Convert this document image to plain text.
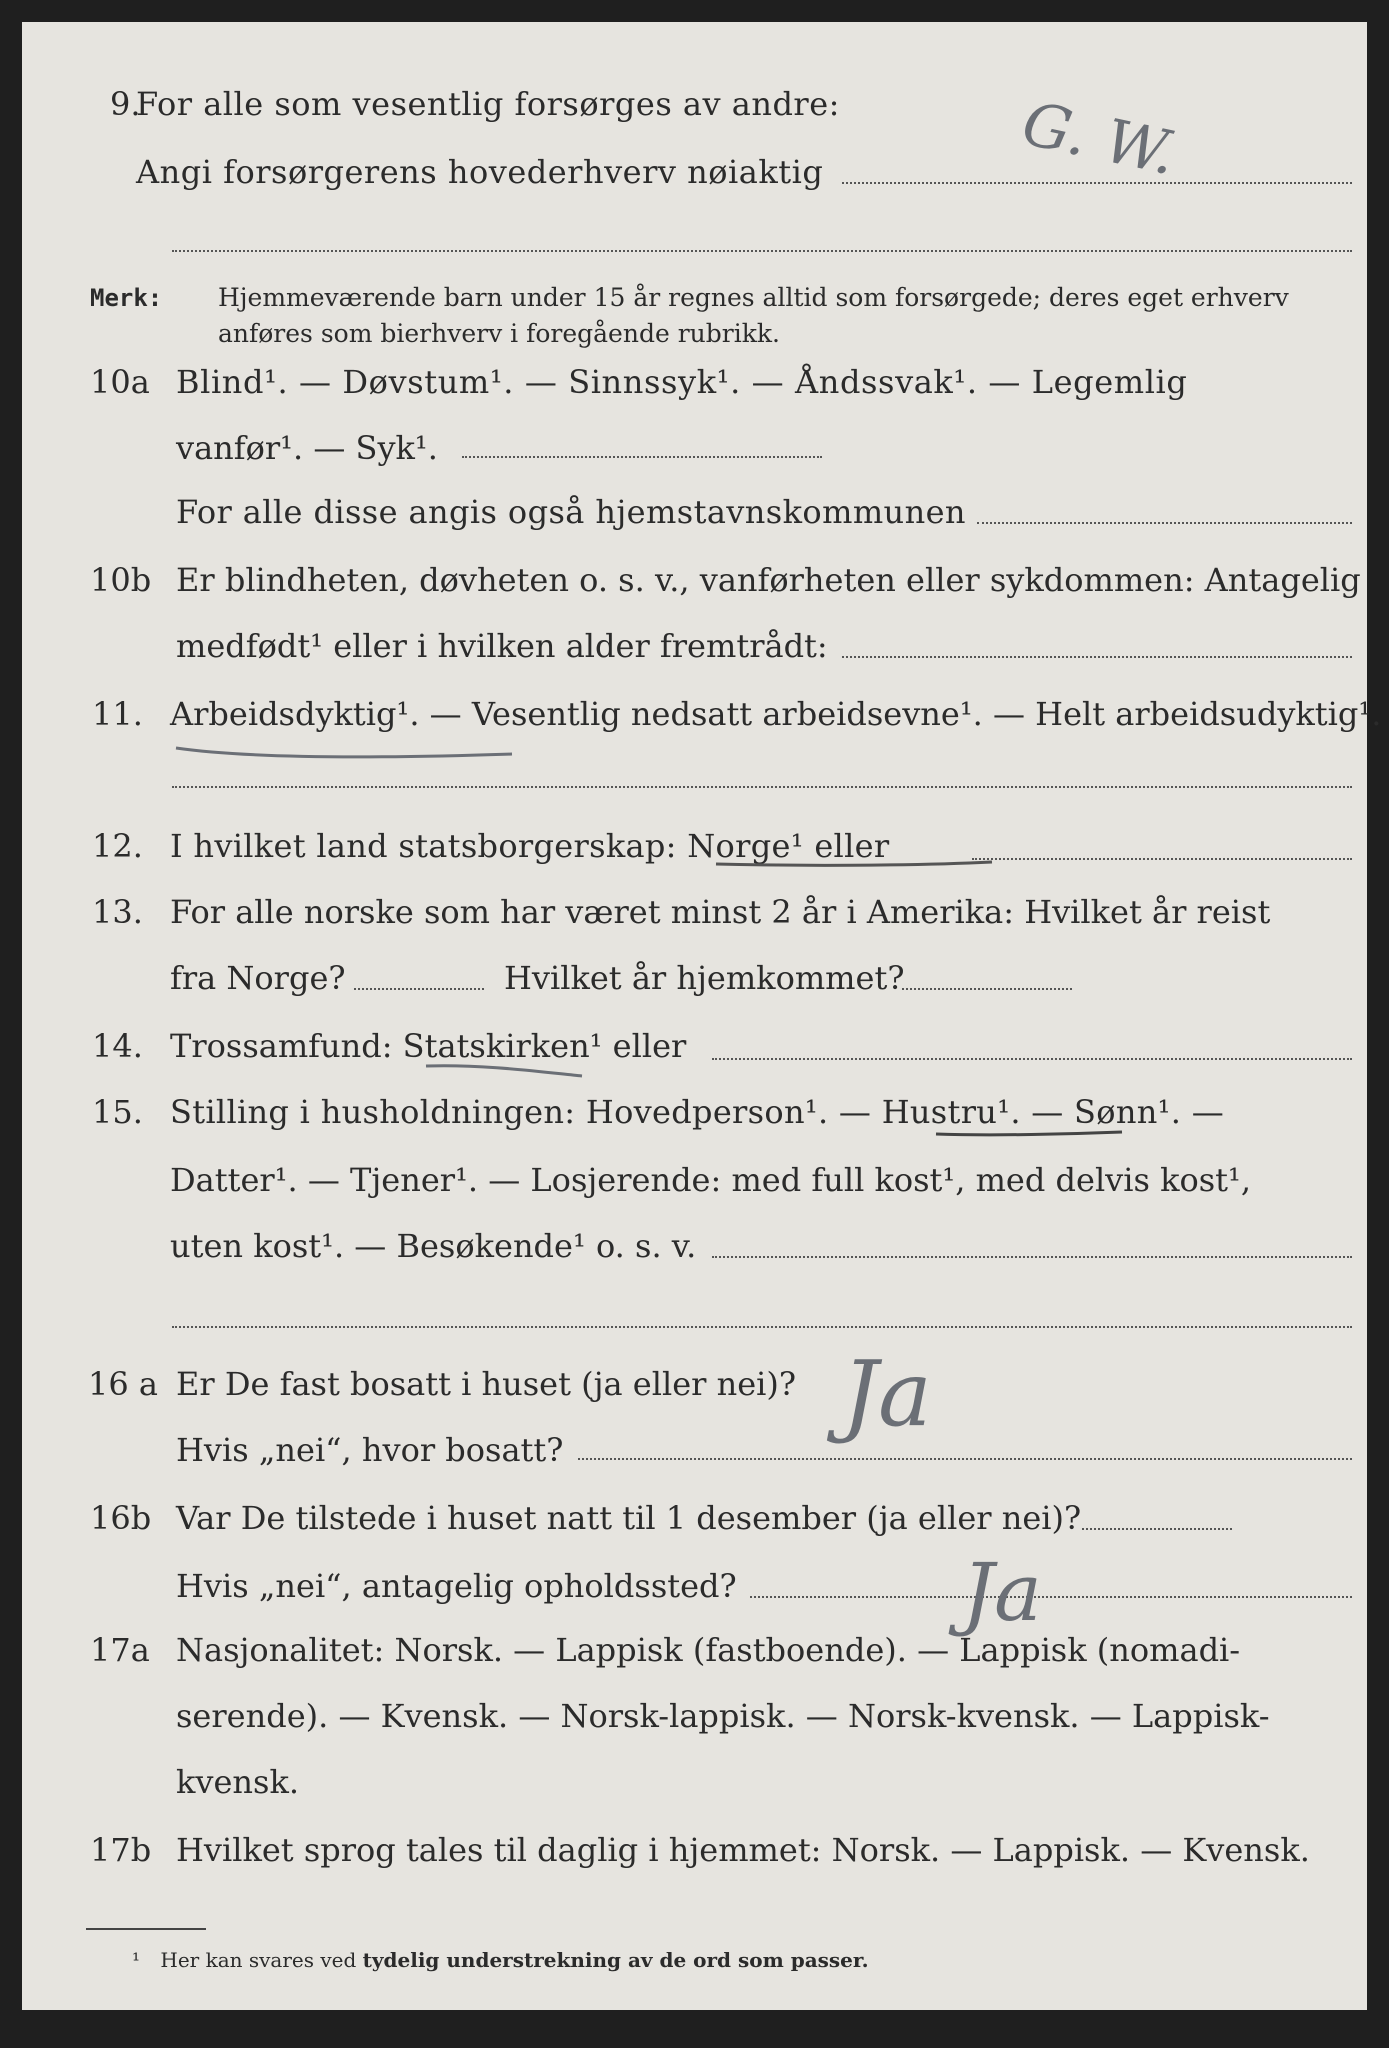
9.
For alle som vesentlig forsørges av andre:
Angi forsørgerens hovederhverv nøiaktig	G. W.
Merk: Hjemmeværende barn under 15 år regnes alltid som forsørgede; deres eget erhverv
anføres som bierhverv i foregående rubrikk.
10a Blind¹. — Døvstum¹. — Sinnssyk¹. — Åndssvak¹. — Legemlig
vanfør¹. — Syk¹.
For alle disse angis også hjemstavnskommunen
10b Er blindheten, døvheten o. s. v., vanførheten eller sykdommen: Antagelig
medfødt¹ eller i hvilken alder fremtrådt:
11. Arbeidsdyktig¹. — Vesentlig nedsatt arbeidsevne¹. — Helt arbeidsudyktig¹.
12. I hvilket land statsborgerskap: Norge¹ eller
13. For alle norske som har været minst 2 år i Amerika: Hvilket år reist
fra Norge?	Hvilket år hjemkommet?
14. Trossamfund: Statskirken¹ eller
15. Stilling i husholdningen: Hovedperson¹. — Hustru¹. — Sønn¹. —
Datter¹. — Tjener¹. — Losjerende: med full kost¹, med delvis kost¹,
uten kost¹. — Besøkende¹ o. s. v.
16 a Er De fast bosatt i huset (ja eller nei)?
Hvis „nei“, hvor bosatt?
Ja
16b Var De tilstede i huset natt til 1 desember (ja eller nei)?
Hvis „nei“, antagelig opholdssted?	Ja
17a Nasjonalitet: Norsk. — Lappisk (fastboende). — Lappisk (nomadi-
serende). — Kvensk. — Norsk-lappisk. — Norsk-kvensk. — Lappisk-
kvensk.
17b Hvilket sprog tales til daglig i hjemmet: Norsk. — Lappisk. — Kvensk.
¹ Her kan svares ved tydelig understrekning av de ord som passer.
